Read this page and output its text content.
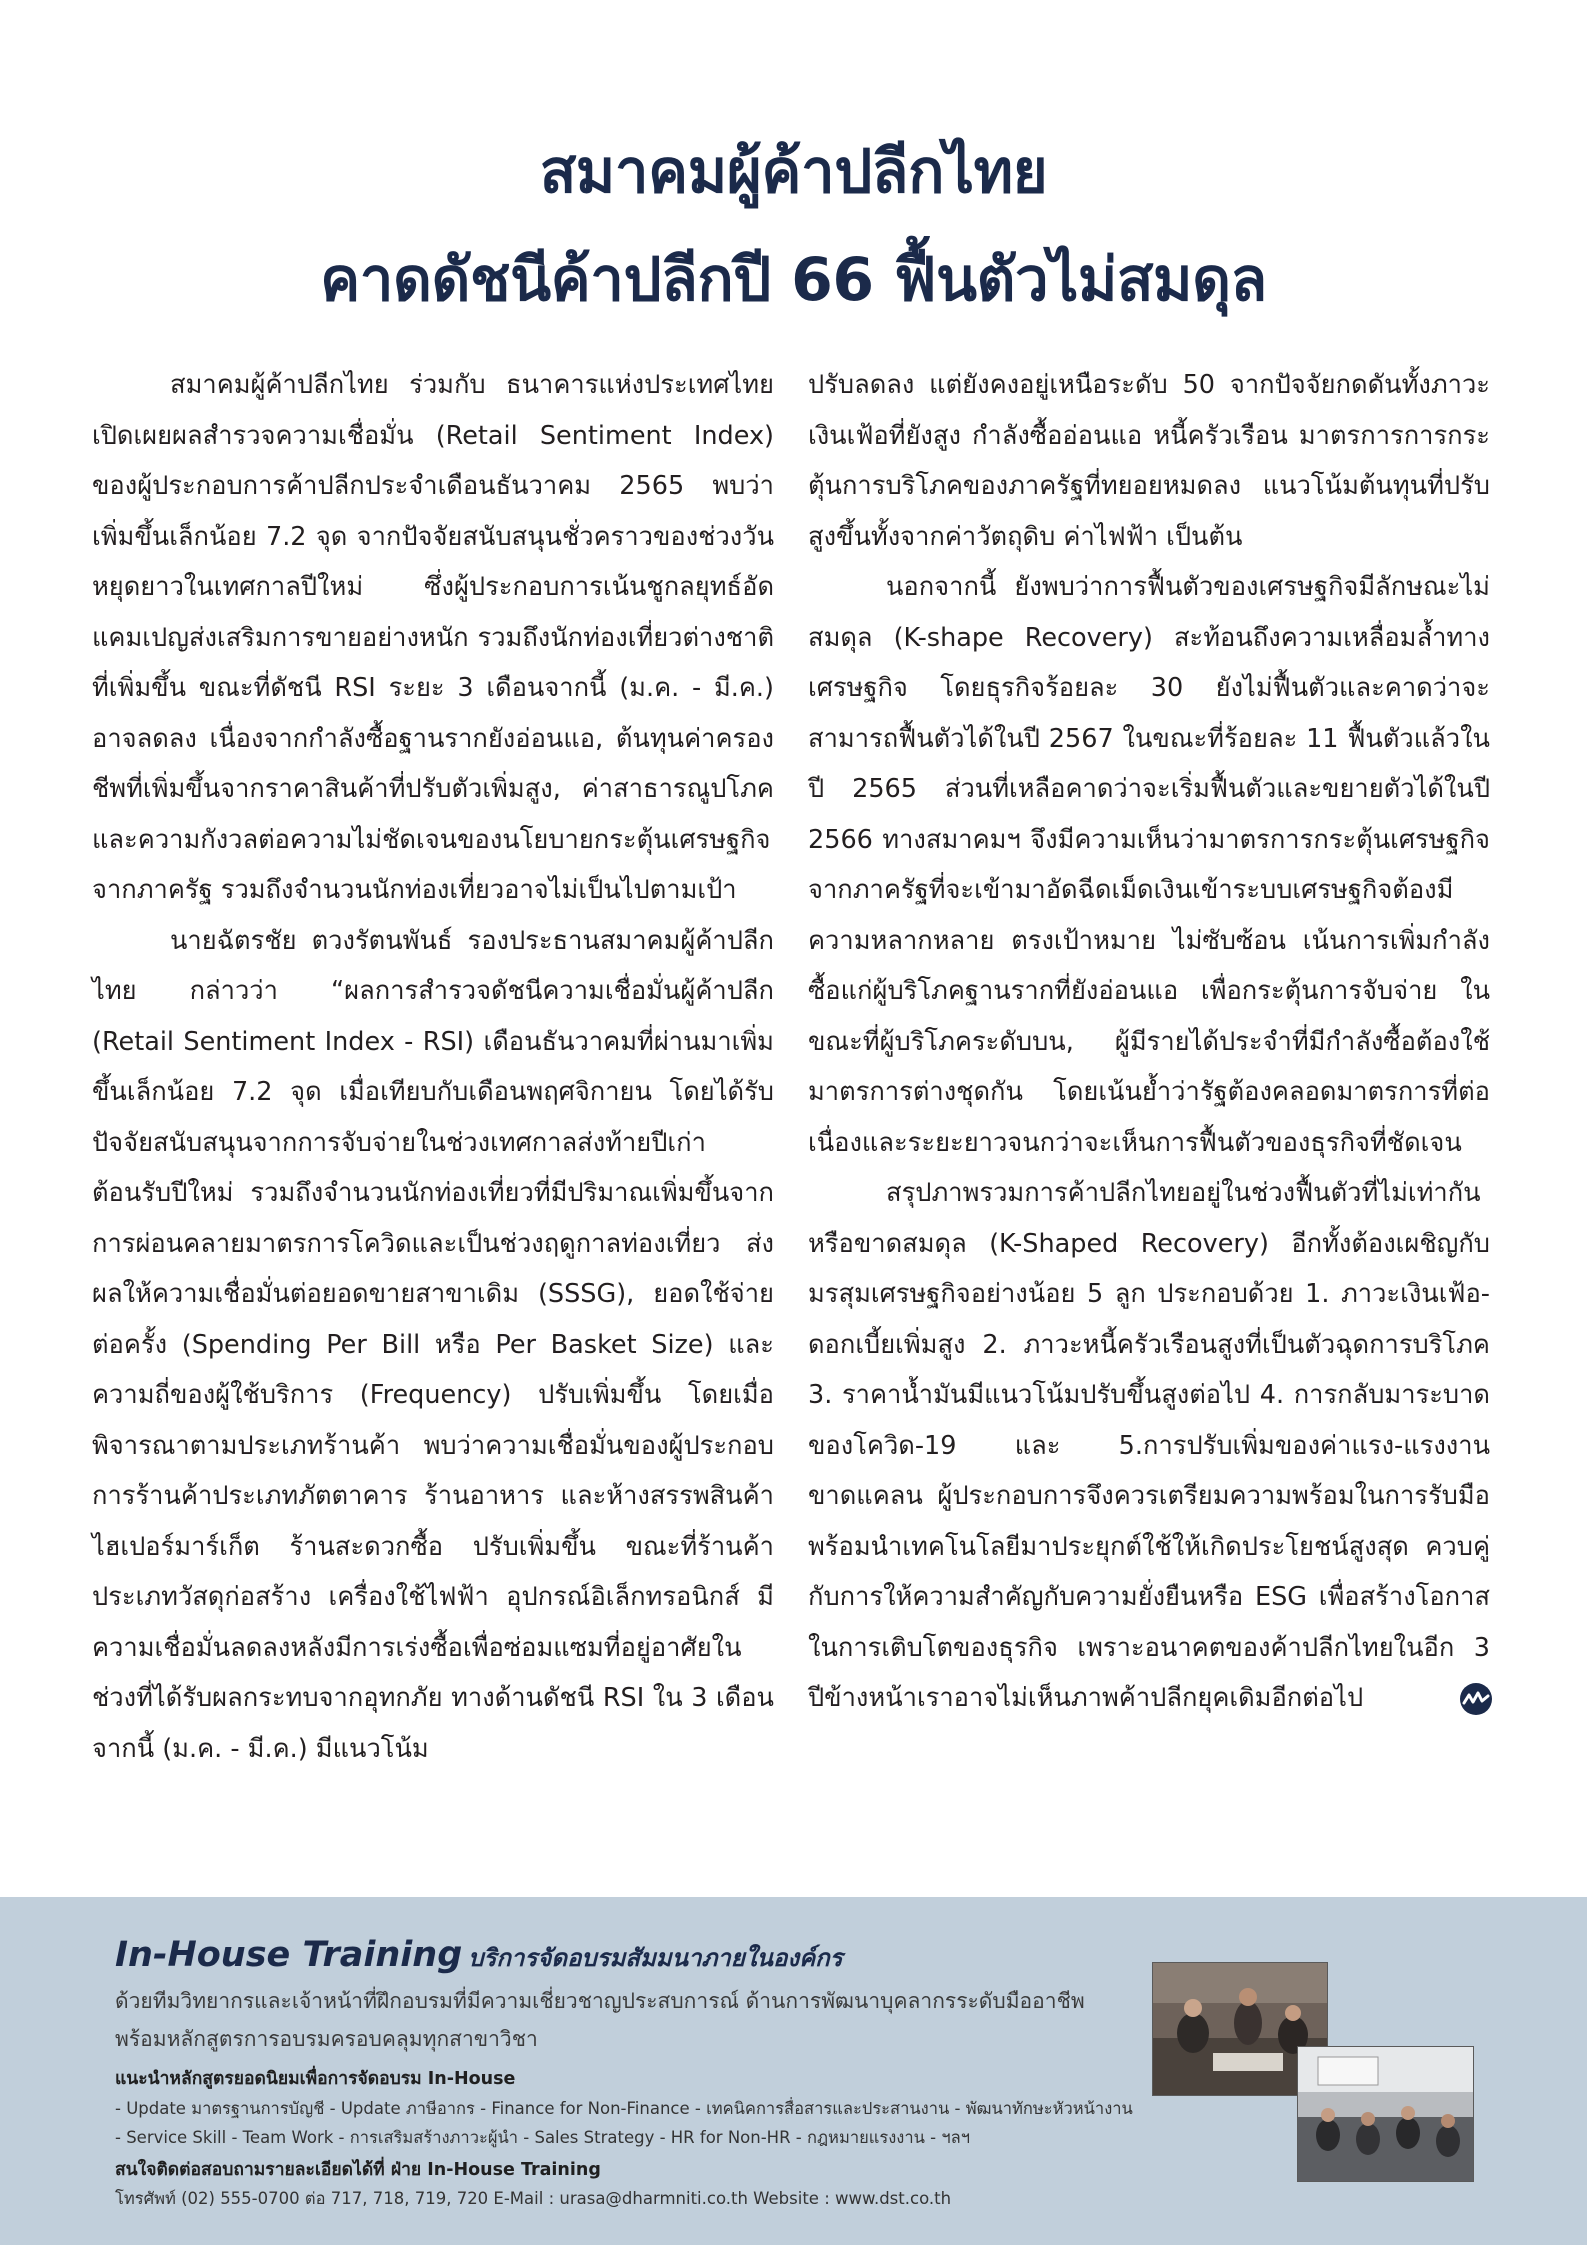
สมาคมผู้ค้าปลีกไทย
คาดดัชนีค้าปลีกปี 66 ฟื้นตัวไม่สมดุล

สมาคมผู้ค้าปลีกไทย ร่วมกับ ธนาคารแห่งประเทศไทย เปิดเผยผลสำรวจความเชื่อมั่น (Retail Sentiment Index) ของผู้ประกอบการค้าปลีกประจำเดือนธันวาคม 2565 พบว่าเพิ่มขึ้นเล็กน้อย 7.2 จุด จากปัจจัยสนับสนุนชั่วคราวของช่วงวันหยุดยาวในเทศกาลปีใหม่ ซึ่งผู้ประกอบการเน้นชูกลยุทธ์อัดแคมเปญส่งเสริมการขายอย่างหนัก รวมถึงนักท่องเที่ยวต่างชาติที่เพิ่มขึ้น ขณะที่ดัชนี RSI ระยะ 3 เดือนจากนี้ (ม.ค. - มี.ค.) อาจลดลง เนื่องจากกำลังซื้อฐานรากยังอ่อนแอ, ต้นทุนค่าครองชีพที่เพิ่มขึ้นจากราคาสินค้าที่ปรับตัวเพิ่มสูง, ค่าสาธารณูปโภค และความกังวลต่อความไม่ชัดเจนของนโยบายกระตุ้นเศรษฐกิจจากภาครัฐ รวมถึงจำนวนนักท่องเที่ยวอาจไม่เป็นไปตามเป้า

นายฉัตรชัย ตวงรัตนพันธ์ รองประธานสมาคมผู้ค้าปลีกไทย กล่าวว่า “ผลการสำรวจดัชนีความเชื่อมั่นผู้ค้าปลีก (Retail Sentiment Index - RSI) เดือนธันวาคมที่ผ่านมาเพิ่มขึ้นเล็กน้อย 7.2 จุด เมื่อเทียบกับเดือนพฤศจิกายน โดยได้รับปัจจัยสนับสนุนจากการจับจ่ายในช่วงเทศกาลส่งท้ายปีเก่าต้อนรับปีใหม่ รวมถึงจำนวนนักท่องเที่ยวที่มีปริมาณเพิ่มขึ้นจากการผ่อนคลายมาตรการโควิดและเป็นช่วงฤดูกาลท่องเที่ยว ส่งผลให้ความเชื่อมั่นต่อยอดขายสาขาเดิม (SSSG), ยอดใช้จ่ายต่อครั้ง (Spending Per Bill หรือ Per Basket Size) และความถี่ของผู้ใช้บริการ (Frequency) ปรับเพิ่มขึ้น โดยเมื่อพิจารณาตามประเภทร้านค้า พบว่าความเชื่อมั่นของผู้ประกอบการร้านค้าประเภทภัตตาคาร ร้านอาหาร และห้างสรรพสินค้า ไฮเปอร์มาร์เก็ต ร้านสะดวกซื้อ ปรับเพิ่มขึ้น ขณะที่ร้านค้าประเภทวัสดุก่อสร้าง เครื่องใช้ไฟฟ้า อุปกรณ์อิเล็กทรอนิกส์ มีความเชื่อมั่นลดลงหลังมีการเร่งซื้อเพื่อซ่อมแซมที่อยู่อาศัยในช่วงที่ได้รับผลกระทบจากอุทกภัย ทางด้านดัชนี RSI ใน 3 เดือนจากนี้ (ม.ค. - มี.ค.) มีแนวโน้ม

ปรับลดลง แต่ยังคงอยู่เหนือระดับ 50 จากปัจจัยกดดันทั้งภาวะเงินเฟ้อที่ยังสูง กำลังซื้ออ่อนแอ หนี้ครัวเรือน มาตรการการกระตุ้นการบริโภคของภาครัฐที่ทยอยหมดลง แนวโน้มต้นทุนที่ปรับสูงขึ้นทั้งจากค่าวัตถุดิบ ค่าไฟฟ้า เป็นต้น

นอกจากนี้ ยังพบว่าการฟื้นตัวของเศรษฐกิจมีลักษณะไม่สมดุล (K-shape Recovery) สะท้อนถึงความเหลื่อมล้ำทางเศรษฐกิจ โดยธุรกิจร้อยละ 30 ยังไม่ฟื้นตัวและคาดว่าจะสามารถฟื้นตัวได้ในปี 2567 ในขณะที่ร้อยละ 11 ฟื้นตัวแล้วในปี 2565 ส่วนที่เหลือคาดว่าจะเริ่มฟื้นตัวและขยายตัวได้ในปี 2566 ทางสมาคมฯ จึงมีความเห็นว่ามาตรการกระตุ้นเศรษฐกิจจากภาครัฐที่จะเข้ามาอัดฉีดเม็ดเงินเข้าระบบเศรษฐกิจต้องมีความหลากหลาย ตรงเป้าหมาย ไม่ซับซ้อน เน้นการเพิ่มกำลังซื้อแก่ผู้บริโภคฐานรากที่ยังอ่อนแอ เพื่อกระตุ้นการจับจ่าย ในขณะที่ผู้บริโภคระดับบน, ผู้มีรายได้ประจำที่มีกำลังซื้อต้องใช้มาตรการต่างชุดกัน โดยเน้นย้ำว่ารัฐต้องคลอดมาตรการที่ต่อเนื่องและระยะยาวจนกว่าจะเห็นการฟื้นตัวของธุรกิจที่ชัดเจน

สรุปภาพรวมการค้าปลีกไทยอยู่ในช่วงฟื้นตัวที่ไม่เท่ากัน หรือขาดสมดุล (K-Shaped Recovery) อีกทั้งต้องเผชิญกับมรสุมเศรษฐกิจอย่างน้อย 5 ลูก ประกอบด้วย 1. ภาวะเงินเฟ้อ-ดอกเบี้ยเพิ่มสูง 2. ภาวะหนี้ครัวเรือนสูงที่เป็นตัวฉุดการบริโภค 3. ราคาน้ำมันมีแนวโน้มปรับขึ้นสูงต่อไป 4. การกลับมาระบาดของโควิด-19 และ 5.การปรับเพิ่มของค่าแรง-แรงงานขาดแคลน ผู้ประกอบการจึงควรเตรียมความพร้อมในการรับมือ พร้อมนำเทคโนโลยีมาประยุกต์ใช้ให้เกิดประโยชน์สูงสุด ควบคู่กับการให้ความสำคัญกับความยั่งยืนหรือ ESG เพื่อสร้างโอกาสในการเติบโตของธุรกิจ เพราะอนาคตของค้าปลีกไทยในอีก 3 ปีข้างหน้าเราอาจไม่เห็นภาพค้าปลีกยุคเดิมอีกต่อไป

In-House Training บริการจัดอบรมสัมมนาภายในองค์กร
ด้วยทีมวิทยากรและเจ้าหน้าที่ฝึกอบรมที่มีความเชี่ยวชาญประสบการณ์ ด้านการพัฒนาบุคลากรระดับมืออาชีพ
พร้อมหลักสูตรการอบรมครอบคลุมทุกสาขาวิชา
แนะนำหลักสูตรยอดนิยมเพื่อการจัดอบรม In-House
- Update มาตรฐานการบัญชี - Update ภาษีอากร - Finance for Non-Finance - เทคนิคการสื่อสารและประสานงาน - พัฒนาทักษะหัวหน้างาน
- Service Skill - Team Work - การเสริมสร้างภาวะผู้นำ - Sales Strategy - HR for Non-HR - กฎหมายแรงงาน - ฯลฯ
สนใจติดต่อสอบถามรายละเอียดได้ที่ ฝ่าย In-House Training
โทรศัพท์ (02) 555-0700 ต่อ 717, 718, 719, 720 E-Mail : urasa@dharmniti.co.th Website : www.dst.co.th
